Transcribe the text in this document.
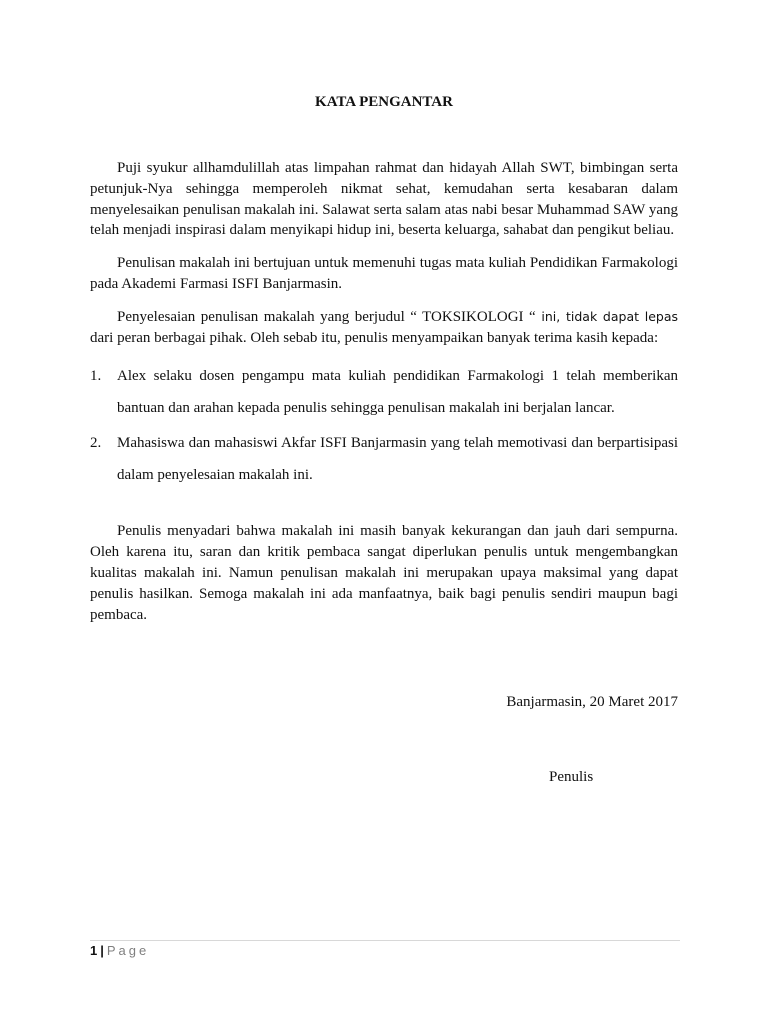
KATA PENGANTAR

Puji syukur allhamdulillah atas limpahan rahmat dan hidayah Allah SWT, bimbingan serta petunjuk-Nya sehingga memperoleh nikmat sehat, kemudahan serta kesabaran dalam menyelesaikan penulisan makalah ini. Salawat serta salam atas nabi besar Muhammad SAW yang telah menjadi inspirasi dalam menyikapi hidup ini, beserta keluarga, sahabat dan pengikut beliau.

Penulisan makalah ini bertujuan untuk memenuhi tugas mata kuliah Pendidikan Farmakologi pada Akademi Farmasi ISFI Banjarmasin.

Penyelesaian penulisan makalah yang berjudul “ TOKSIKOLOGI “ ini, tidak dapat lepas dari peran berbagai pihak. Oleh sebab itu, penulis menyampaikan banyak terima kasih kepada:

1. Alex selaku dosen pengampu mata kuliah pendidikan Farmakologi 1 telah memberikan bantuan dan arahan kepada penulis sehingga penulisan makalah ini berjalan lancar.
2. Mahasiswa dan mahasiswi Akfar ISFI Banjarmasin yang telah memotivasi dan berpartisipasi dalam penyelesaian makalah ini.

Penulis menyadari bahwa makalah ini masih banyak kekurangan dan jauh dari sempurna. Oleh karena itu, saran dan kritik pembaca sangat diperlukan penulis untuk mengembangkan kualitas makalah ini. Namun penulisan makalah ini merupakan upaya maksimal yang dapat penulis hasilkan. Semoga makalah ini ada manfaatnya, baik bagi penulis sendiri maupun bagi pembaca.

Banjarmasin, 20 Maret 2017
Penulis
1 | Page
